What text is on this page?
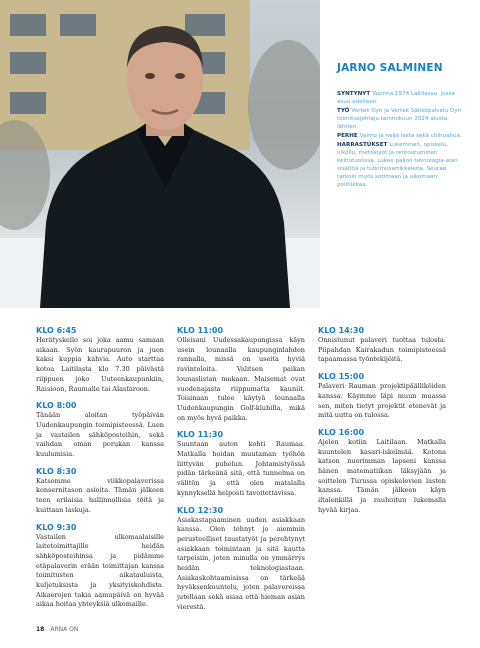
JARNO SALMINEN
SYNTYNYT Vuonna 1974 Laitilassa, jossa asuu edelleen.
TYÖ Vertek Oyn ja Vertek Sähköpalvelu Oyn toimitusjohtaja tammikuun 2024 alusta lähtien.
PERHE Vaimo ja neljä lasta sekä chihuahua.
HARRASTUKSET Lukeminen, opiskelu, ulkoilu, metsätyöt ja rentoutuminen keinutuolissa. Lukee paljon teknologia-alan sisältöä ja tutkimusartikkeleita. Seuraa tarkoin myös kotimaan ja ulkomaan politiikkaa.
KLO 6:45
Herätyskello soi joka aamu samaan aikaan. Syön kaurapuuron ja juon kaksi kuppia kahvia. Auto starttaa kotoa Laitilasta klo 7.30 päivästä riippuen joko Uuteenkaupunkiin, Raisioon, Raumalle tai Alastaroon.
KLO 8:00
Tänään aloitan työpäivän Uudenkaupungin toimipisteessä. Luen ja vastailen sähköposteihin, sekä vaihdan oman porukan kanssa kuulumisia.
KLO 8:30
Katsomme viikkopalaverissa konsernitason asioita. Tämän jälkeen teen erilaisia hallinnollisia töitä ja kuittaan laskuja.
KLO 9:30
Vastailen ulkomaalaisille laitetoimittajille heidän sähköposteihinsa ja pidämme etäpalaverin erään toimittajan kanssa toimitusten aikatauluista, kuljetuksista ja yksityiskohdista. Aikaerojen takia aamupäivä on hyvää aikaa hoitaa yhteyksiä ulkomaille.
KLO 11:00
Olleisani Uudessakaupungissa käyn usein lounaalla kaupunginlahden rannalla, missä on useita hyviä ravintoloita. Valitsen paikan lounaslistan mukaan. Maisemat ovat vuodenajasta riippumatta kauniit. Toisinaan tulee käytyä lounaalla Uudenkaupungin Golf-klubilla, mikä on myös hyvä paikka.
KLO 11:30
Suuntaan auton kohti Raumaa. Matkalla hoidan muutaman työhön liittyvän puhelun. Johtamistyössä pidän tärkeänä sitä, että tunnelma on välitön ja että olen matalalla kynnyksellä helposti tavoitettavissa.
KLO 12:30
Asiakastapaaminen uuden asiakkaan kanssa. Olen tehnyt jo aiemmin perusteelliset taustatyöt ja perehtynyt asiakkaan toimintaan ja sitä kautta tarpeisiin, joten minulla on ymmärrys heidän teknologiastaan. Asiakaskohtaamisissa on tärkeää hyväksenkuuntelu, joten palavereissa jutellaan sekä asiaa että hieman asian vierestä.
KLO 14:30
Onnistunut palaveri tuottaa tulosta. Piipahdan Kairakadun toimipisteessä tapaamassa työntekijöitä.
KLO 15:00
Palaveri Rauman projektipäälliköiden kanssa. Käymme läpi muun muassa sen, miten tietyt projektit etenevät ja mitä uutta on tulossa.
KLO 16:00
Ajelen kotiin Laitilaan. Matkalla kuuntelen kasari-iskelmää. Kotona katson nuorimman lapseni kanssa hänen matematiikan läksyjään ja soittelen Turussa opiskelevien lasten kanssa. Tämän jälkeen käyn iltalenkillä ja rauhoitun lukemalla hyvää kirjaa.
18 ARNA ON
